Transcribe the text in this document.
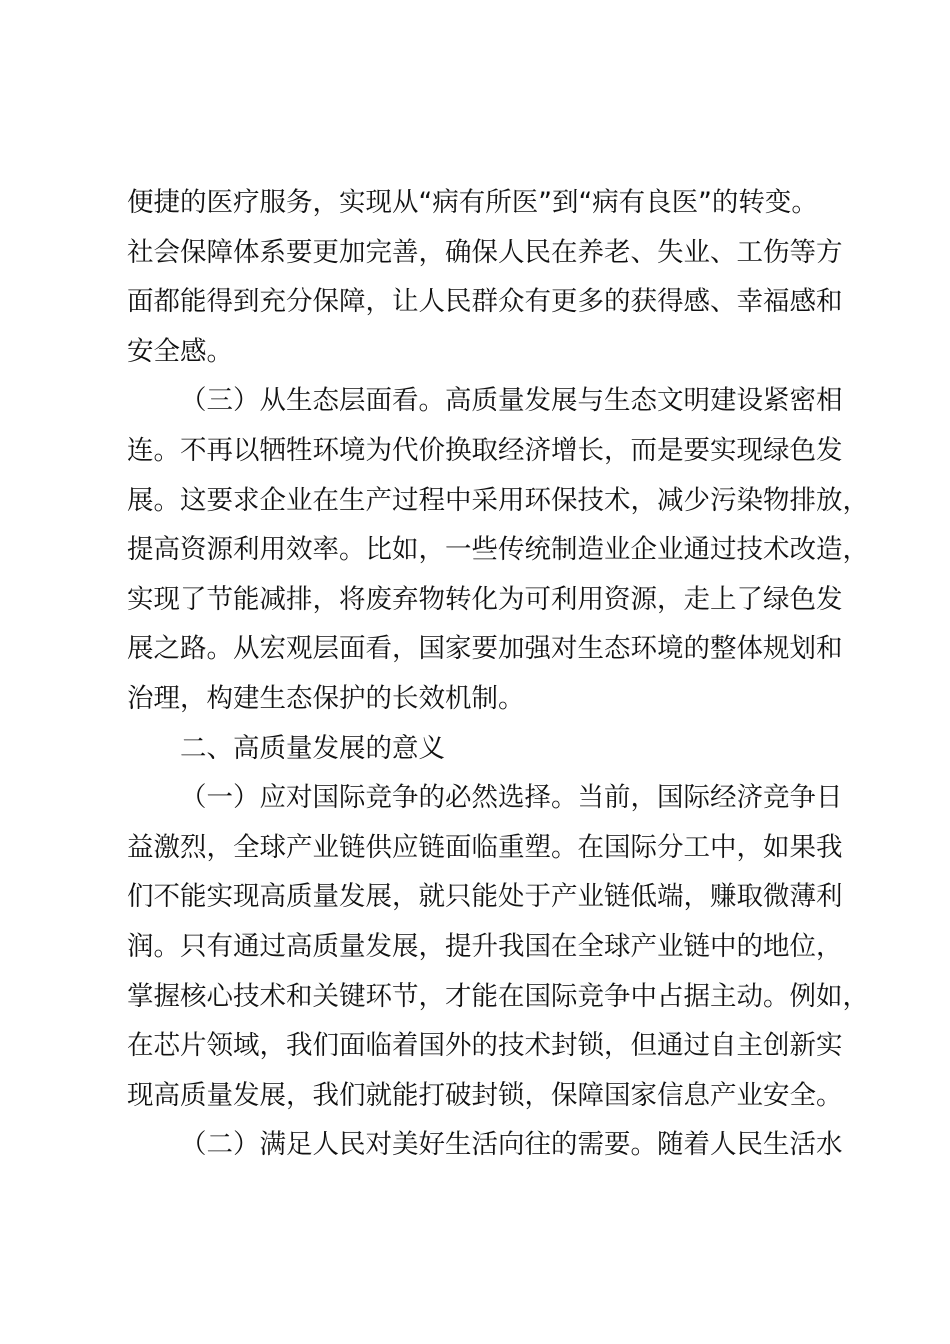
便捷的医疗服务，实现从“病有所医”到“病有良医”的转变。
社会保障体系要更加完善，确保人民在养老、失业、工伤等方
面都能得到充分保障，让人民群众有更多的获得感、幸福感和
安全感。
（三）从生态层面看。高质量发展与生态文明建设紧密相
连。不再以牺牲环境为代价换取经济增长，而是要实现绿色发
展。这要求企业在生产过程中采用环保技术，减少污染物排放，
提高资源利用效率。比如，一些传统制造业企业通过技术改造，
实现了节能减排，将废弃物转化为可利用资源，走上了绿色发
展之路。从宏观层面看，国家要加强对生态环境的整体规划和
治理，构建生态保护的长效机制。
二、高质量发展的意义
（一）应对国际竞争的必然选择。当前，国际经济竞争日
益激烈，全球产业链供应链面临重塑。在国际分工中，如果我
们不能实现高质量发展，就只能处于产业链低端，赚取微薄利
润。只有通过高质量发展，提升我国在全球产业链中的地位，
掌握核心技术和关键环节，才能在国际竞争中占据主动。例如，
在芯片领域，我们面临着国外的技术封锁，但通过自主创新实
现高质量发展，我们就能打破封锁，保障国家信息产业安全。
（二）满足人民对美好生活向往的需要。随着人民生活水
